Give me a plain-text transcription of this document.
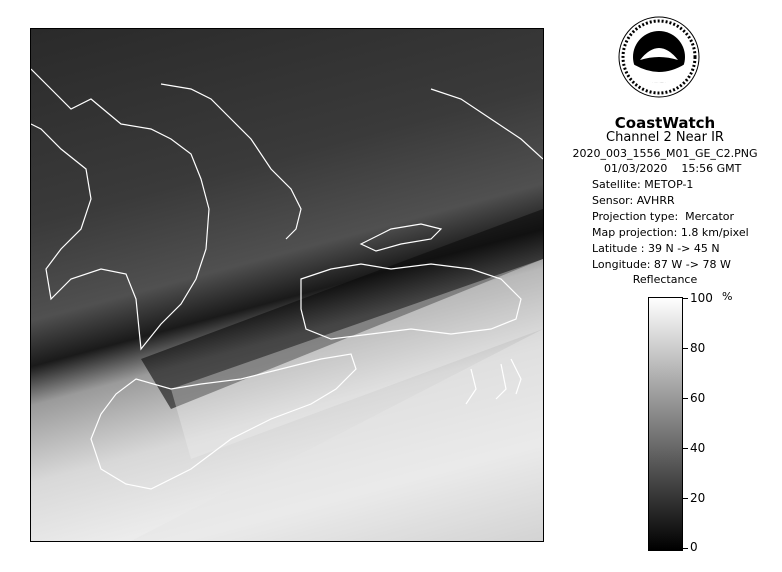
CoastWatch
Channel 2 Near IR
2020_003_1556_M01_GE_C2.PNG
01/03/2020    15:56 GMT
Satellite: METOP-1
Sensor: AVHRR
Projection type:  Mercator
Map projection: 1.8 km/pixel
Latitude : 39 N -> 45 N
Longitude: 87 W -> 78 W
Reflectance
%
100
80
60
40
20
0
